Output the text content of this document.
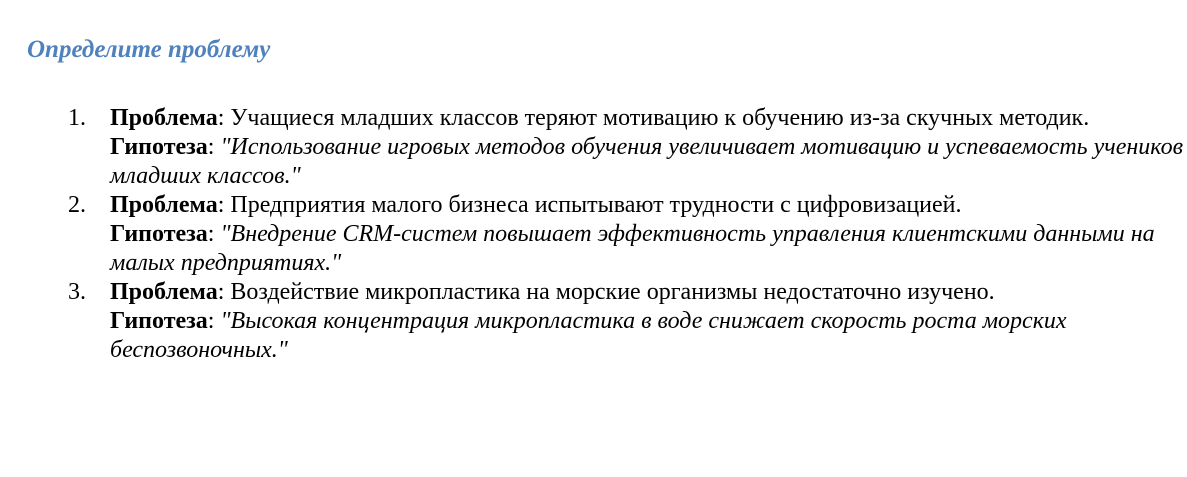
Определите проблему
1.	Проблема: Учащиеся младших классов теряют мотивацию к обучению из-за скучных методик.
Гипотеза: "Использование игровых методов обучения увеличивает мотивацию и успеваемость учеников младших классов."
2.	Проблема: Предприятия малого бизнеса испытывают трудности с цифровизацией.
Гипотеза: "Внедрение CRM-систем повышает эффективность управления клиентскими данными на малых предприятиях."
3.	Проблема: Воздействие микропластика на морские организмы недостаточно изучено.
Гипотеза: "Высокая концентрация микропластика в воде снижает скорость роста морских беспозвоночных."
